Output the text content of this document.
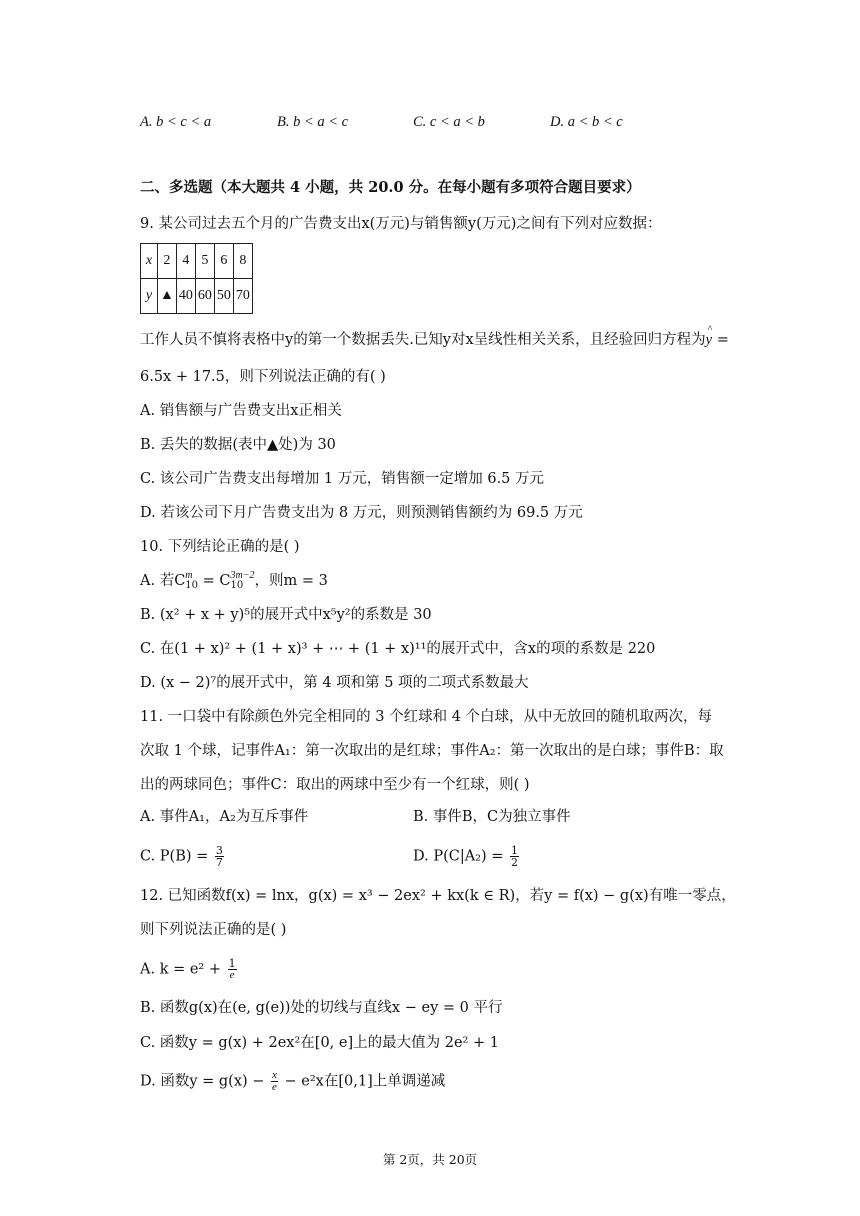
A. b < c < a	B. b < a < c	C. c < a < b	D. a < b < c
二、多选题（本大题共 4 小题，共 20.0 分。在每小题有多项符合题目要求）
9. 某公司过去五个月的广告费支出x(万元)与销售额y(万元)之间有下列对应数据：
x	2	4	5	6	8
y	▲	40	60	50	70
工作人员不慎将表格中y的第一个数据丢失.已知y对x呈线性相关关系，且经验回归方程为^ y =
6.5x + 17.5，则下列说法正确的有( )
A. 销售额与广告费支出x正相关
B. 丢失的数据(表中▲处)为 30
C. 该公司广告费支出每增加 1 万元，销售额一定增加 6.5 万元
D. 若该公司下月广告费支出为 8 万元，则预测销售额约为 69.5 万元
10. 下列结论正确的是( )
A. 若C m
10 = C 3m−2
10 ，则m = 3
B. (x² + x + y)⁵的展开式中x⁵y²的系数是 30
C. 在(1 + x)² + (1 + x)³ + ⋯ + (1 + x)¹¹的展开式中，含x的项的系数是 220
D. (x − 2)⁷的展开式中，第 4 项和第 5 项的二项式系数最大
11. 一口袋中有除颜色外完全相同的 3 个红球和 4 个白球，从中无放回的随机取两次，每
次取 1 个球，记事件A₁：第一次取出的是红球；事件A₂：第一次取出的是白球；事件B：取
出的两球同色；事件C：取出的两球中至少有一个红球，则( )
A. 事件A₁，A₂为互斥事件	B. 事件B，C为独立事件
C. $P(B) = \frac{3}{7}$	D. $P(C|A_2) = \frac{1}{2}$
12. 已知函数f(x) = lnx，g(x) = x³ − 2ex² + kx(k ∈ R)，若y = f(x) − g(x)有唯一零点，
则下列说法正确的是( )
A. $k = e^2 + \frac{1}{e}$
B. 函数g(x)在(e, g(e))处的切线与直线x − ey = 0 平行
C. 函数y = g(x) + 2ex²在[0, e]上的最大值为 2e² + 1
D. 函数$y = g(x) - \frac{x}{e} - e^2x$在[0,1]上单调递减
第 2页，共 20页
